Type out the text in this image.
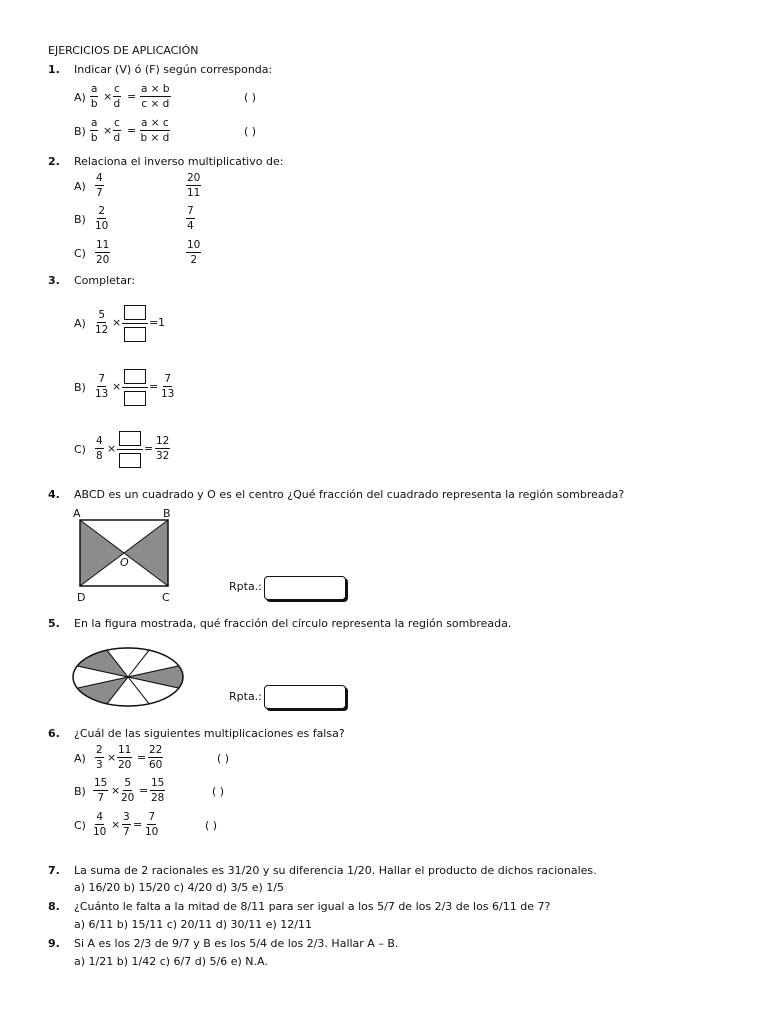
EJERCICIOS DE APLICACIÓN
1. Indicar (V) ó (F) según corresponda:
$A) \frac{a}{b} \times \frac{c}{d} = \frac{a \times b}{c \times d}$	( )
$B) \frac{a}{b} \times \frac{c}{d} = \frac{a \times c}{b \times d}$	( )
2. Relaciona el inverso multiplicativo de:
$A) \frac{4}{7}$	$\frac{20}{11}$
$B) \frac{2}{10}$	$\frac{7}{4}$
$C) \frac{11}{20}$	$\frac{10}{2}$
3. Completar:
$A) \frac{5}{12}$ ×	= 1
$B) \frac{7}{13}$ ×	= $\frac{7}{13}$
$C) \frac{4}{8}$ ×	= $\frac{12}{32}$
4. ABCD es un cuadrado y O es el centro ¿Qué fracción del cuadrado representa la región sombreada?
A	B
C
D
O
Rpta.:
5. En la figura mostrada, qué fracción del círculo representa la región sombreada.
Rpta.:
6. ¿Cuál de las siguientes multiplicaciones es falsa?
$A) \frac{2}{3} \times \frac{11}{20} = \frac{22}{60}$	( )
$B) \frac{15}{7} \times \frac{5}{20} = \frac{15}{28}$	( )
$C) \frac{4}{10} \times \frac{3}{7} = \frac{7}{10}$	( )
7. La suma de 2 racionales es 31/20 y su diferencia 1/20. Hallar el producto de dichos racionales.
a) 16/20 b) 15/20 c) 4/20 d) 3/5 e) 1/5
8. ¿Cuánto le falta a la mitad de 8/11 para ser igual a los 5/7 de los 2/3 de los 6/11 de 7?
a) 6/11 b) 15/11 c) 20/11 d) 30/11 e) 12/11
9. Si A es los 2/3 de 9/7 y B es los 5/4 de los 2/3. Hallar A – B.
a) 1/21 b) 1/42 c) 6/7 d) 5/6 e) N.A.
